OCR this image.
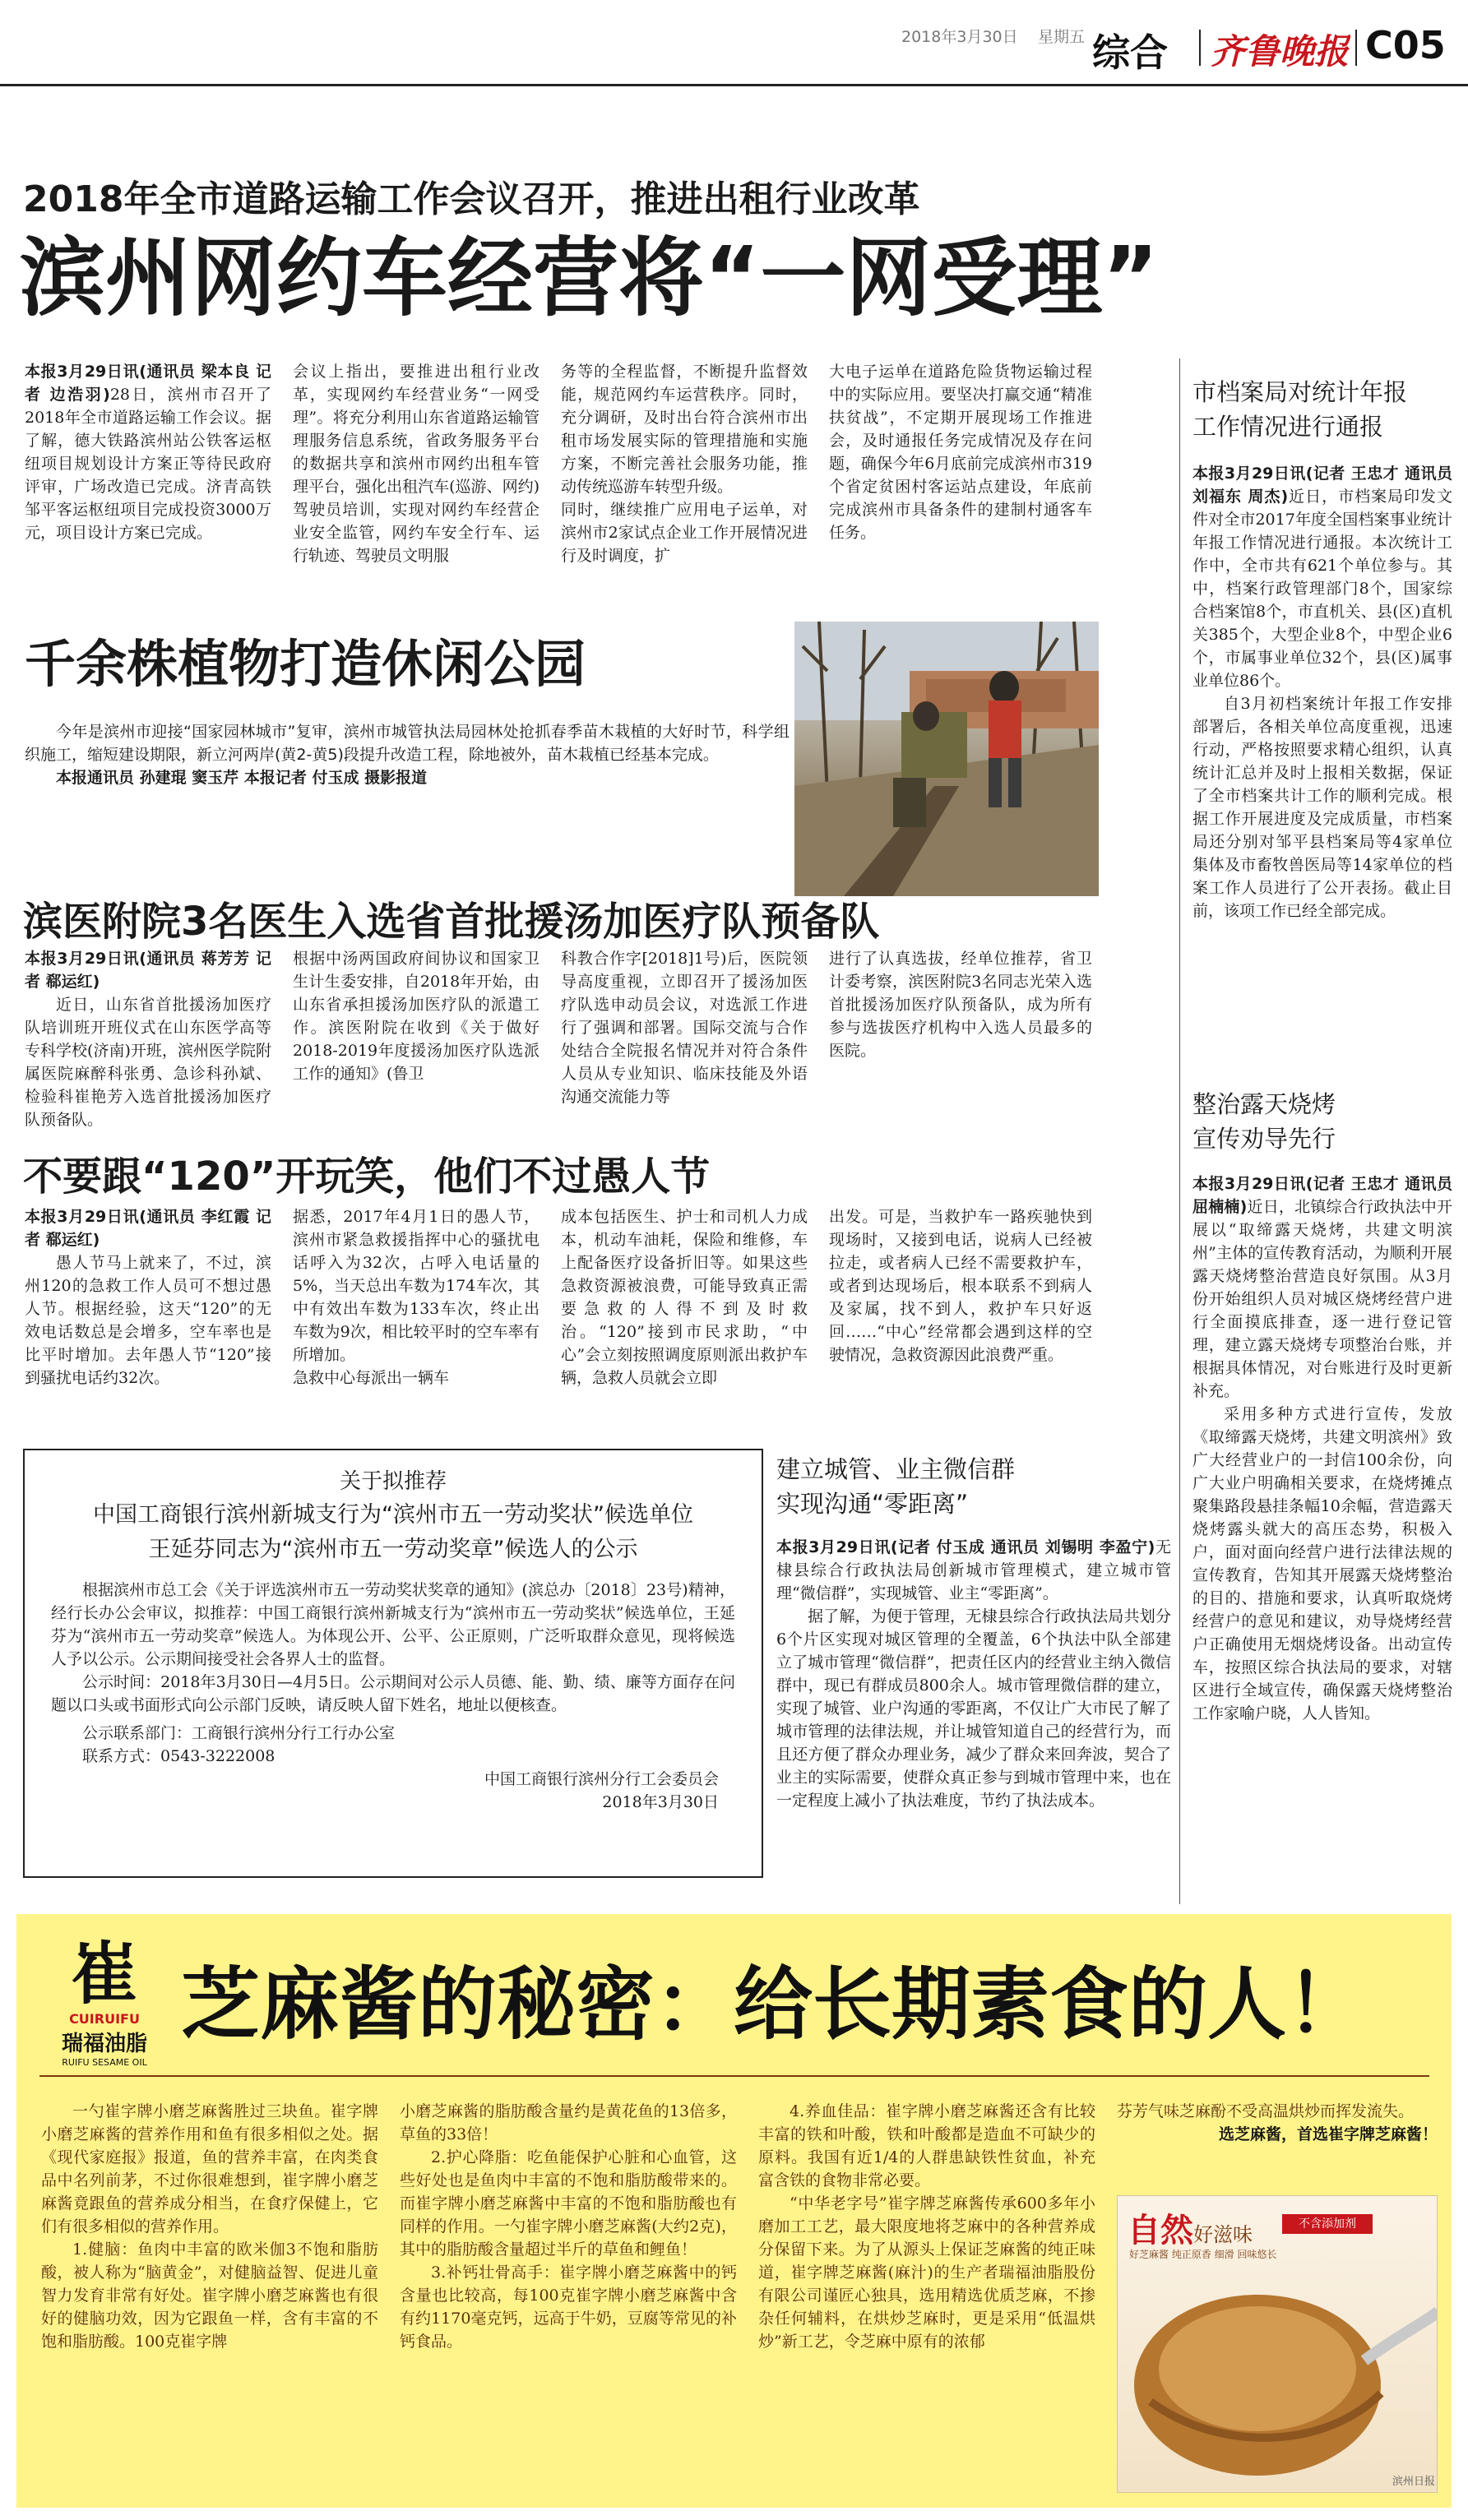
2018年3月30日	星期五 综合	齐鲁晚报 C05
2018年全市道路运输工作会议召开，推进出租行业改革
滨州网约车经营将“一网受理”

本报3月29日讯(通讯员 梁本良 记者 边浩羽)28日，滨州市召开了2018年全市道路运输工作会议。据了解，德大铁路滨州站公铁客运枢纽项目规划设计方案正等待民政府评审，广场改造已完成。济青高铁邹平客运枢纽项目完成投资3000万元，项目设计方案已完成。

会议上指出，要推进出租行业改革，实现网约车经营业务“一网受理”。将充分利用山东省道路运输管理服务信息系统，省政务服务平台的数据共享和滨州市网约出租车管理平台，强化出租汽车(巡游、网约)驾驶员培训，实现对网约车经营企业安全监管，网约车安全行车、运行轨迹、驾驶员文明服
务等的全程监督，不断提升监督效能，规范网约车运营秩序。同时，充分调研，及时出台符合滨州市出租市场发展实际的管理措施和实施方案，不断完善社会服务功能，推动传统巡游车转型升级。
同时，继续推广应用电子运单，对滨州市2家试点企业工作开展情况进行及时调度，扩
大电子运单在道路危险货物运输过程中的实际应用。要坚决打赢交通“精准扶贫战”，不定期开展现场工作推进会，及时通报任务完成情况及存在问题，确保今年6月底前完成滨州市319个省定贫困村客运站点建设，年底前完成滨州市具备条件的建制村通客车任务。
市档案局对统计年报
工作情况进行通报

本报3月29日讯(记者 王忠才 通讯员 刘福东 周杰)近日，市档案局印发文件对全市2017年度全国档案事业统计年报工作情况进行通报。本次统计工作中，全市共有621个单位参与。其中，档案行政管理部门8个，国家综合档案馆8个，市直机关、县(区)直机关385个，大型企业8个，中型企业6个，市属事业单位32个，县(区)属事业单位86个。

自3月初档案统计年报工作安排部署后，各相关单位高度重视，迅速行动，严格按照要求精心组织，认真统计汇总并及时上报相关数据，保证了全市档案共计工作的顺利完成。根据工作开展进度及完成质量，市档案局还分别对邹平县档案局等4家单位集体及市畜牧兽医局等14家单位的档案工作人员进行了公开表扬。截止目前，该项工作已经全部完成。

整治露天烧烤
宣传劝导先行

本报3月29日讯(记者 王忠才 通讯员 屈楠楠)近日，北镇综合行政执法中开展以“取缔露天烧烤，共建文明滨州”主体的宣传教育活动，为顺利开展露天烧烤整治营造良好氛围。从3月份开始组织人员对城区烧烤经营户进行全面摸底排查，逐一进行登记管理，建立露天烧烤专项整治台账，并根据具体情况，对台账进行及时更新补充。

采用多种方式进行宣传，发放《取缔露天烧烤，共建文明滨州》致广大经营业户的一封信100余份，向广大业户明确相关要求，在烧烤摊点聚集路段悬挂条幅10余幅，营造露天烧烤露头就大的高压态势，积极入户，面对面向经营户进行法律法规的宣传教育，告知其开展露天烧烤整治的目的、措施和要求，认真听取烧烤经营户的意见和建议，劝导烧烤经营户正确使用无烟烧烤设备。出动宣传车，按照区综合执法局的要求，对辖区进行全域宣传，确保露天烧烤整治工作家喻户晓，人人皆知。

千余株植物打造休闲公园

今年是滨州市迎接“国家园林城市”复审，滨州市城管执法局园林处抢抓春季苗木栽植的大好时节，科学组织施工，缩短建设期限，新立河两岸(黄2-黄5)段提升改造工程，除地被外，苗木栽植已经基本完成。

本报通讯员 孙建琨 窦玉芹 本报记者 付玉成 摄影报道

滨医附院3名医生入选省首批援汤加医疗队预备队

本报3月29日讯(通讯员 蒋芳芳 记者 郗运红)

近日，山东省首批援汤加医疗队培训班开班仪式在山东医学高等专科学校(济南)开班，滨州医学院附属医院麻醉科张勇、急诊科孙斌、检验科崔艳芳入选首批援汤加医疗队预备队。

根据中汤两国政府间协议和国家卫生计生委安排，自2018年开始，由山东省承担援汤加医疗队的派遣工作。滨医附院在收到《关于做好2018-2019年度援汤加医疗队选派工作的通知》(鲁卫
科教合作字[2018]1号)后，医院领导高度重视，立即召开了援汤加医疗队选申动员会议，对选派工作进行了强调和部署。国际交流与合作处结合全院报名情况并对符合条件人员从专业知识、临床技能及外语沟通交流能力等
进行了认真选拔，经单位推荐，省卫计委考察，滨医附院3名同志光荣入选首批援汤加医疗队预备队，成为所有参与选拔医疗机构中入选人员最多的医院。
不要跟“120”开玩笑，他们不过愚人节

本报3月29日讯(通讯员 李红霞 记者 郗运红)

愚人节马上就来了，不过，滨州120的急救工作人员可不想过愚人节。根据经验，这天“120”的无效电话数总是会增多，空车率也是比平时增加。去年愚人节“120”接到骚扰电话约32次。

据悉，2017年4月1日的愚人节，滨州市紧急救援指挥中心的骚扰电话呼入为32次，占呼入电话量的5%，当天总出车数为174车次，其中有效出车数为133车次，终止出车数为9次，相比较平时的空车率有所增加。
急救中心每派出一辆车
成本包括医生、护士和司机人力成本，机动车油耗，保险和维修，车上配备医疗设备折旧等。如果这些急救资源被浪费，可能导致真正需要急救的人得不到及时救治。“120”接到市民求助，“中心”会立刻按照调度原则派出救护车辆，急救人员就会立即
出发。可是，当救护车一路疾驰快到现场时，又接到电话，说病人已经被拉走，或者病人已经不需要救护车，或者到达现场后，根本联系不到病人及家属，找不到人，救护车只好返回……“中心”经常都会遇到这样的空驶情况，急救资源因此浪费严重。
关于拟推荐
中国工商银行滨州新城支行为“滨州市五一劳动奖状”候选单位
王延芬同志为“滨州市五一劳动奖章”候选人的公示

根据滨州市总工会《关于评选滨州市五一劳动奖状奖章的通知》(滨总办〔2018〕23号)精神，经行长办公会审议，拟推荐：中国工商银行滨州新城支行为“滨州市五一劳动奖状”候选单位，王延芬为“滨州市五一劳动奖章”候选人。为体现公开、公平、公正原则，广泛听取群众意见，现将候选人予以公示。公示期间接受社会各界人士的监督。

公示时间：2018年3月30日—4月5日。公示期间对公示人员德、能、勤、绩、廉等方面存在问题以口头或书面形式向公示部门反映，请反映人留下姓名，地址以便核查。

公示联系部门：工商银行滨州分行工行办公室

联系方式：0543-3222008

中国工商银行滨州分行工会委员会

2018年3月30日

建立城管、业主微信群
实现沟通“零距离”

本报3月29日讯(记者 付玉成 通讯员 刘锡明 李盈宁)无棣县综合行政执法局创新城市管理模式，建立城市管理“微信群”，实现城管、业主“零距离”。

据了解，为便于管理，无棣县综合行政执法局共划分6个片区实现对城区管理的全覆盖，6个执法中队全部建立了城市管理“微信群”，把责任区内的经营业主纳入微信群中，现已有群成员800余人。城市管理微信群的建立，实现了城管、业户沟通的零距离，不仅让广大市民了解了城市管理的法律法规，并让城管知道自己的经营行为，而且还方便了群众办理业务，减少了群众来回奔波，契合了业主的实际需要，使群众真正参与到城市管理中来，也在一定程度上减小了执法难度，节约了执法成本。

崔
CUIRUIFU
瑞福油脂
RUIFU SESAME OIL
芝麻酱的秘密：给长期素食的人！

一勺崔字牌小磨芝麻酱胜过三块鱼。崔字牌小磨芝麻酱的营养作用和鱼有很多相似之处。据《现代家庭报》报道，鱼的营养丰富，在肉类食品中名列前茅，不过你很难想到，崔字牌小磨芝麻酱竟跟鱼的营养成分相当，在食疗保健上，它们有很多相似的营养作用。

1.健脑：鱼肉中丰富的欧米伽3不饱和脂肪酸，被人称为“脑黄金”，对健脑益智、促进儿童智力发育非常有好处。崔字牌小磨芝麻酱也有很好的健脑功效，因为它跟鱼一样，含有丰富的不饱和脂肪酸。100克崔字牌

小磨芝麻酱的脂肪酸含量约是黄花鱼的13倍多，草鱼的33倍！

2.护心降脂：吃鱼能保护心脏和心血管，这些好处也是鱼肉中丰富的不饱和脂肪酸带来的。而崔字牌小磨芝麻酱中丰富的不饱和脂肪酸也有同样的作用。一勺崔字牌小磨芝麻酱(大约2克)，其中的脂肪酸含量超过半斤的草鱼和鲤鱼！

3.补钙壮骨高手：崔字牌小磨芝麻酱中的钙含量也比较高，每100克崔字牌小磨芝麻酱中含有约1170毫克钙，远高于牛奶，豆腐等常见的补钙食品。

4.养血佳品：崔字牌小磨芝麻酱还含有比较丰富的铁和叶酸，铁和叶酸都是造血不可缺少的原料。我国有近1/4的人群患缺铁性贫血，补充富含铁的食物非常必要。

“中华老字号”崔字牌芝麻酱传承600多年小磨加工工艺，最大限度地将芝麻中的各种营养成分保留下来。为了从源头上保证芝麻酱的纯正味道，崔字牌芝麻酱(麻汁)的生产者瑞福油脂股份有限公司谨匠心独具，选用精选优质芝麻，不掺杂任何辅料，在烘炒芝麻时，更是采用“低温烘炒”新工艺，令芝麻中原有的浓郁

芬芳气味芝麻酚不受高温烘炒而挥发流失。

选芝麻酱，首选崔字牌芝麻酱！

自然好滋味	不含添加剂
好芝麻酱 纯正原香 细滑 回味悠长
滨州日报
